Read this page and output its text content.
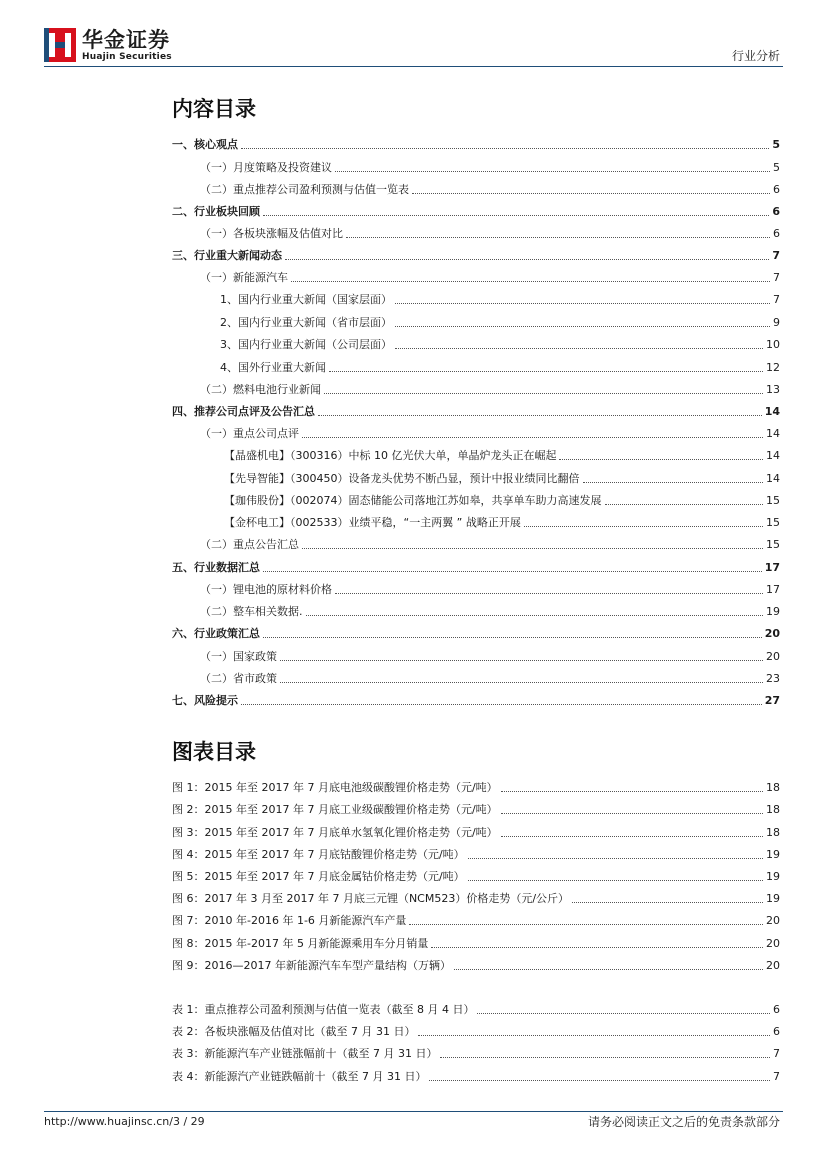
华金证券
Huajin Securities	行业分析
内容目录
一、核心观点	5
（一）月度策略及投资建议	5
（二）重点推荐公司盈利预测与估值一览表	6
二、行业板块回顾	6
（一）各板块涨幅及估值对比	6
三、行业重大新闻动态	7
（一）新能源汽车	7
1、国内行业重大新闻（国家层面）	7
2、国内行业重大新闻（省市层面）	9
3、国内行业重大新闻（公司层面）	10
4、国外行业重大新闻	12
（二）燃料电池行业新闻	13
四、推荐公司点评及公告汇总	14
（一）重点公司点评	14
【晶盛机电】（300316）中标 10 亿光伏大单，单晶炉龙头正在崛起	14
【先导智能】（300450）设备龙头优势不断凸显，预计中报业绩同比翻倍	14
【珈伟股份】（002074）固态储能公司落地江苏如皋，共享单车助力高速发展	15
【金杯电工】（002533）业绩平稳，“一主两翼 ” 战略正开展	15
（二）重点公告汇总	15
五、行业数据汇总	17
（一）锂电池的原材料价格	17
（二）整车相关数据.	19
六、行业政策汇总	20
（一）国家政策	20
（二）省市政策	23
七、风险提示	27
图表目录
图 1：2015 年至 2017 年 7 月底电池级碳酸锂价格走势（元/吨）	18
图 2：2015 年至 2017 年 7 月底工业级碳酸锂价格走势（元/吨）	18
图 3：2015 年至 2017 年 7 月底单水氢氧化锂价格走势（元/吨）	18
图 4：2015 年至 2017 年 7 月底钴酸锂价格走势（元/吨）	19
图 5：2015 年至 2017 年 7 月底金属钴价格走势（元/吨）	19
图 6：2017 年 3 月至 2017 年 7 月底三元锂（NCM523）价格走势（元/公斤）	19
图 7：2010 年-2016 年 1-6 月新能源汽车产量	20
图 8：2015 年-2017 年 5 月新能源乘用车分月销量	20
图 9：2016—2017 年新能源汽车车型产量结构（万辆）	20
表 1：重点推荐公司盈利预测与估值一览表（截至 8 月 4 日）	6
表 2：各板块涨幅及估值对比（截至 7 月 31 日）	6
表 3：新能源汽车产业链涨幅前十（截至 7 月 31 日）	7
表 4：新能源汽产业链跌幅前十（截至 7 月 31 日）	7
http://www.huajinsc.cn/3 / 29	请务必阅读正文之后的免责条款部分
